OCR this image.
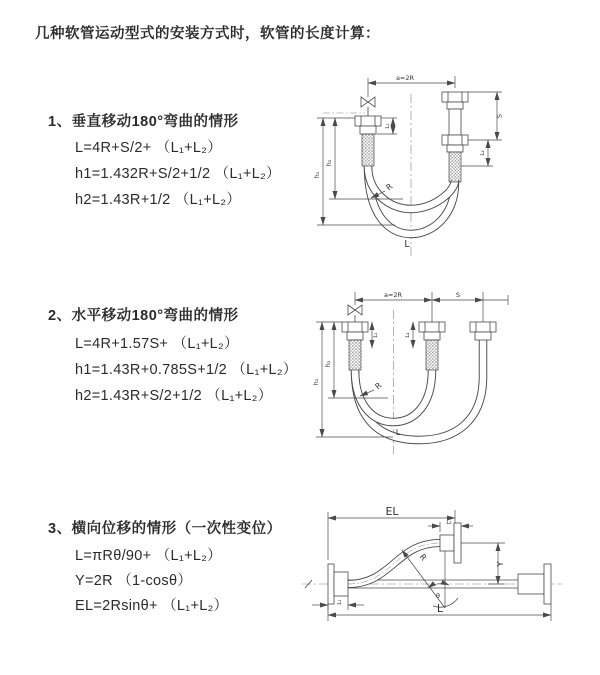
几种软管运动型式的安装方式时，软管的长度计算：
1、垂直移动180°弯曲的情形
L=4R+S/2+ （L₁+L₂）
h1=1.432R+S/2+1/2 （L₁+L₂）
h2=1.43R+1/2 （L₁+L₂）
2、水平移动180°弯曲的情形
L=4R+1.57S+ （L₁+L₂）
h1=1.43R+0.785S+1/2 （L₁+L₂）
h2=1.43R+S/2+1/2 （L₁+L₂）
3、横向位移的情形（一次性变位）
L=πRθ/90+ （L₁+L₂）
Y=2R （1-cosθ）
EL=2Rsinθ+ （L₁+L₂）
a=2R
S
L₂
L₁
h₂
h₁
R
L
a=2R	S
L₁	L₂
h₂
h₁	R
L
θ
R
EL
L₂
Y
L
L₁
